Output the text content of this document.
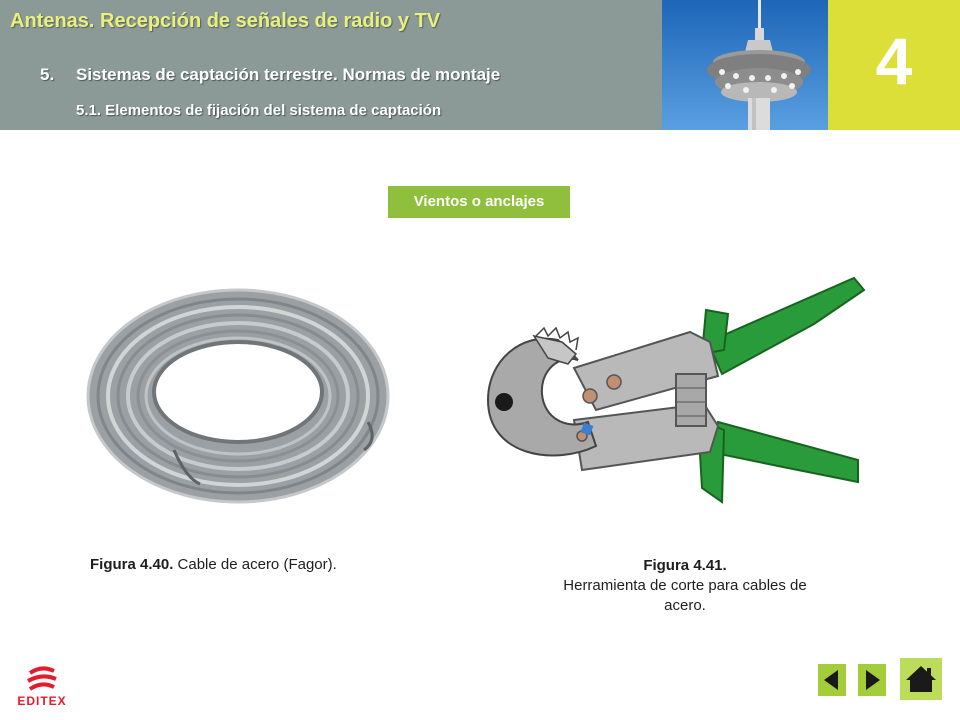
Antenas. Recepción de señales de radio y TV
5. Sistemas de captación terrestre. Normas de montaje
5.1. Elementos de fijación del sistema de captación
4
Vientos o anclajes
Figura 4.40. Cable de acero (Fagor).	Figura 4.41.
Herramienta de corte para cables de acero.
EDITEX
